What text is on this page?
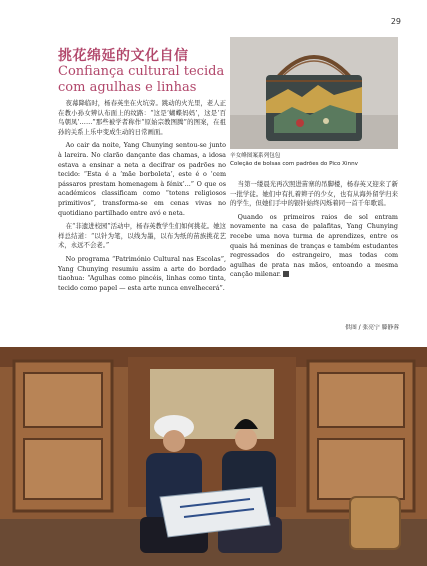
29
挑花绵延的文化自信
Confiança cultural tecida com agulhas e linhas

夜幕降临时，杨春英坐在火坑旁。跳动的火光里，老人正在教小孙女辨认布面上的纹路：“这是‘蝴蝶妈妈’，这是‘百鸟朝凤’……”那些被学者称作“原始宗教图腾”的图案，在祖孙的关系上乐中变成生动的日常画面。

Ao cair da noite, Yang Chunying sentou-se junto à lareira. No clarão dançante das chamas, a idosa estava a ensinar a neta a decifrar os padrões no tecido: “Esta é a ‘mãe borboleta’, este é o ‘cem pássaros prestam homenagem à fénix’...” O que os académicos classificam como “totens religiosos primitivos”, transforma-se em cenas vivas no quotidiano partilhado entre avó e neta.

在“非遗进校园”活动中，杨春英教学生们如何挑花。她这样总结道：“以针为笔，以线为墨，以布为纸的苗族挑花艺术，永远不会老。”

No programa “Património Cultural nas Escolas”, Yang Chunying resumiu assim a arte do bordado tiaohua: “Agulhas como pincéis, linhas como tinta, tecido como papel — esta arte nunca envelhecerá”.

辛女峰图案系列包包
Coleção de bolsas com padrões do Pico Xinnv

当第一缕晨光再次照进苗寨的吊脚楼，杨春英又迎来了新一批学徒。她们中有扎着辫子的少女，也有从海外留学归来的学生，但她们手中的银针始终闪烁着同一首千年歌谣。

Quando os primeiros raios de sol entram novamente na casa de palafitas, Yang Chunying recebe uma nova turma de aprendizes, entre os quais há meninas de tranças e também estudantes regressados do estrangeiro, mas todas com agulhas de prata nas mãos, entoando a mesma canção milenar.

供图 / 张亮宁 滕静蓉
